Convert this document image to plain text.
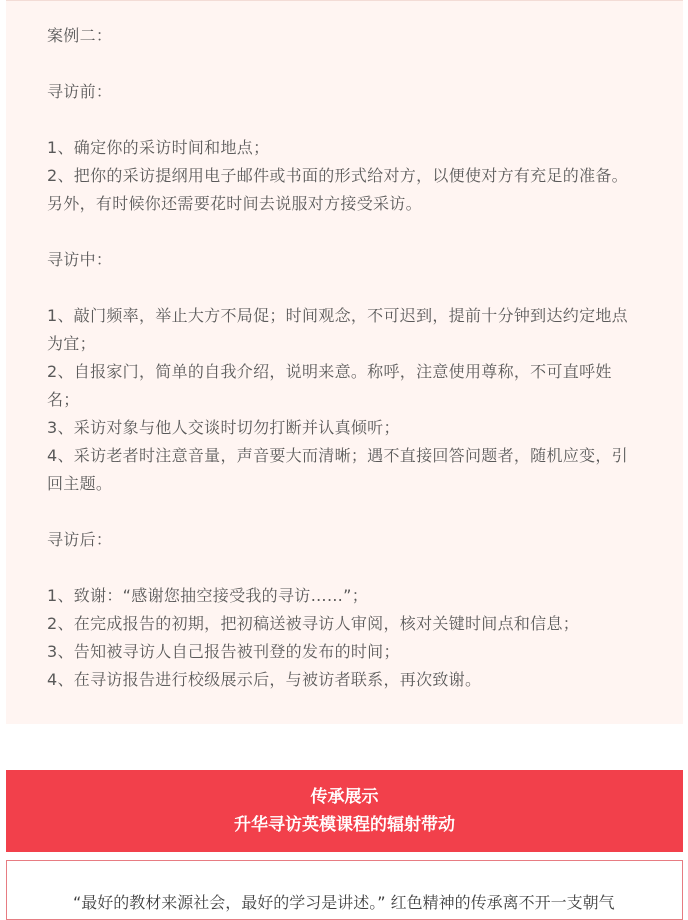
案例二：
寻访前：
1、确定你的采访时间和地点；
2、把你的采访提纲用电子邮件或书面的形式给对方，以便使对方有充足的准备。
另外，有时候你还需要花时间去说服对方接受采访。
寻访中：
1、敲门频率，举止大方不局促；时间观念，不可迟到，提前十分钟到达约定地点
为宜；
2、自报家门，简单的自我介绍，说明来意。称呼，注意使用尊称，不可直呼姓
名；
3、采访对象与他人交谈时切勿打断并认真倾听；
4、采访老者时注意音量，声音要大而清晰；遇不直接回答问题者，随机应变，引
回主题。
寻访后：
1、致谢：“感谢您抽空接受我的寻访……”；
2、在完成报告的初期，把初稿送被寻访人审阅，核对关键时间点和信息；
3、告知被寻访人自己报告被刊登的发布的时间；
4、在寻访报告进行校级展示后，与被访者联系，再次致谢。
传承展示
升华寻访英模课程的辐射带动
“最好的教材来源社会，最好的学习是讲述。” 红色精神的传承离不开一支朝气
